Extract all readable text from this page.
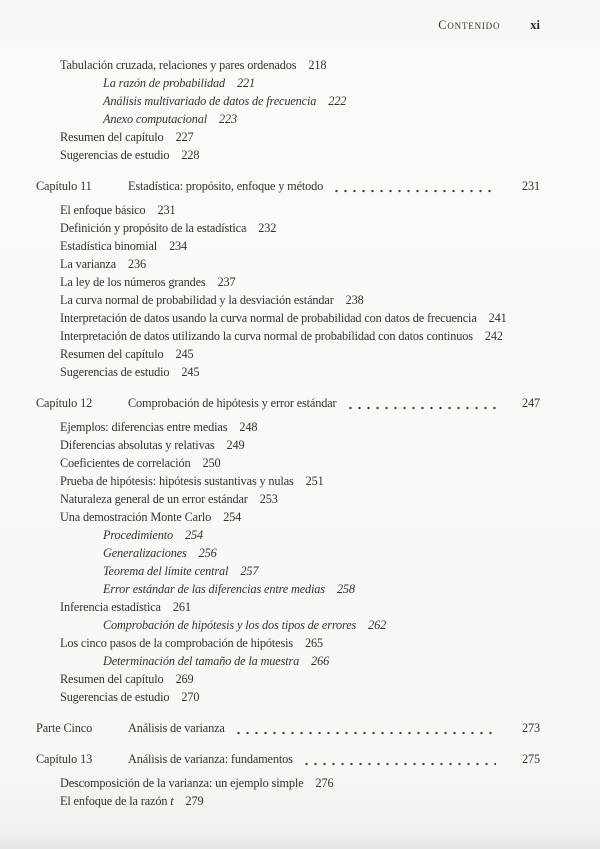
Contenido xi
Tabulación cruzada, relaciones y pares ordenados 218
La razón de probabilidad 221
Análisis multivariado de datos de frecuencia 222
Anexo computacional 223
Resumen del capítulo 227
Sugerencias de estudio 228
Capítulo 11	Estadística: propósito, enfoque y método	231
El enfoque básico 231
Definición y propósito de la estadística 232
Estadística binomial 234
La varianza 236
La ley de los números grandes 237
La curva normal de probabilidad y la desviación estándar 238
Interpretación de datos usando la curva normal de probabilidad con datos de frecuencia 241
Interpretación de datos utilizando la curva normal de probabilidad con datos continuos 242
Resumen del capítulo 245
Sugerencias de estudio 245
Capítulo 12	Comprobación de hipótesis y error estándar	247
Ejemplos: diferencias entre medias 248
Diferencias absolutas y relativas 249
Coeficientes de correlación 250
Prueba de hipótesis: hipótesis sustantivas y nulas 251
Naturaleza general de un error estándar 253
Una demostración Monte Carlo 254
Procedimiento 254
Generalizaciones 256
Teorema del límite central 257
Error estándar de las diferencias entre medias 258
Inferencia estadística 261
Comprobación de hipótesis y los dos tipos de errores 262
Los cinco pasos de la comprobación de hipótesis 265
Determinación del tamaño de la muestra 266
Resumen del capítulo 269
Sugerencias de estudio 270
Parte Cinco	Análisis de varianza	273
Capítulo 13	Análisis de varianza: fundamentos	275
Descomposición de la varianza: un ejemplo simple 276
El enfoque de la razón t 279
